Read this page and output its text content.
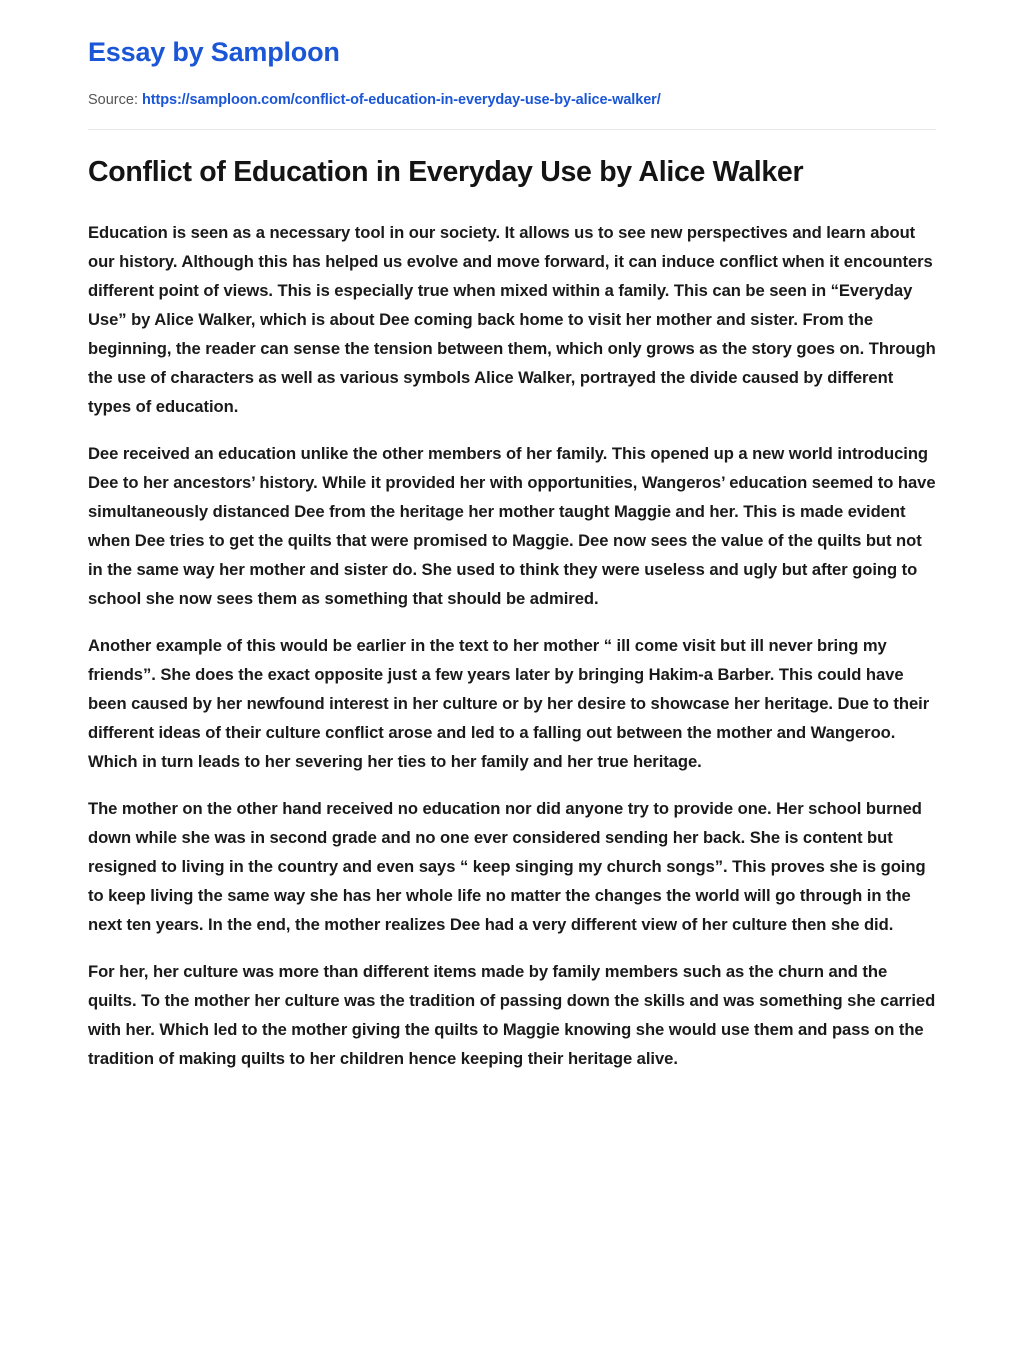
Essay by Samploon
Source: https://samploon.com/conflict-of-education-in-everyday-use-by-alice-walker/
Conflict of Education in Everyday Use by Alice Walker

Education is seen as a necessary tool in our society. It allows us to see new perspectives and learn about our history. Although this has helped us evolve and move forward, it can induce conflict when it encounters different point of views. This is especially true when mixed within a family. This can be seen in “Everyday Use” by Alice Walker, which is about Dee coming back home to visit her mother and sister. From the beginning, the reader can sense the tension between them, which only grows as the story goes on. Through the use of characters as well as various symbols Alice Walker, portrayed the divide caused by different types of education.

Dee received an education unlike the other members of her family. This opened up a new world introducing Dee to her ancestors’ history. While it provided her with opportunities, Wangeros’ education seemed to have simultaneously distanced Dee from the heritage her mother taught Maggie and her. This is made evident when Dee tries to get the quilts that were promised to Maggie. Dee now sees the value of the quilts but not in the same way her mother and sister do. She used to think they were useless and ugly but after going to school she now sees them as something that should be admired.

Another example of this would be earlier in the text to her mother “ ill come visit but ill never bring my friends”. She does the exact opposite just a few years later by bringing Hakim-a Barber. This could have been caused by her newfound interest in her culture or by her desire to showcase her heritage. Due to their different ideas of their culture conflict arose and led to a falling out between the mother and Wangeroo. Which in turn leads to her severing her ties to her family and her true heritage.

The mother on the other hand received no education nor did anyone try to provide one. Her school burned down while she was in second grade and no one ever considered sending her back. She is content but resigned to living in the country and even says “ keep singing my church songs”. This proves she is going to keep living the same way she has her whole life no matter the changes the world will go through in the next ten years. In the end, the mother realizes Dee had a very different view of her culture then she did.

For her, her culture was more than different items made by family members such as the churn and the quilts. To the mother her culture was the tradition of passing down the skills and was something she carried with her. Which led to the mother giving the quilts to Maggie knowing she would use them and pass on the tradition of making quilts to her children hence keeping their heritage alive.
